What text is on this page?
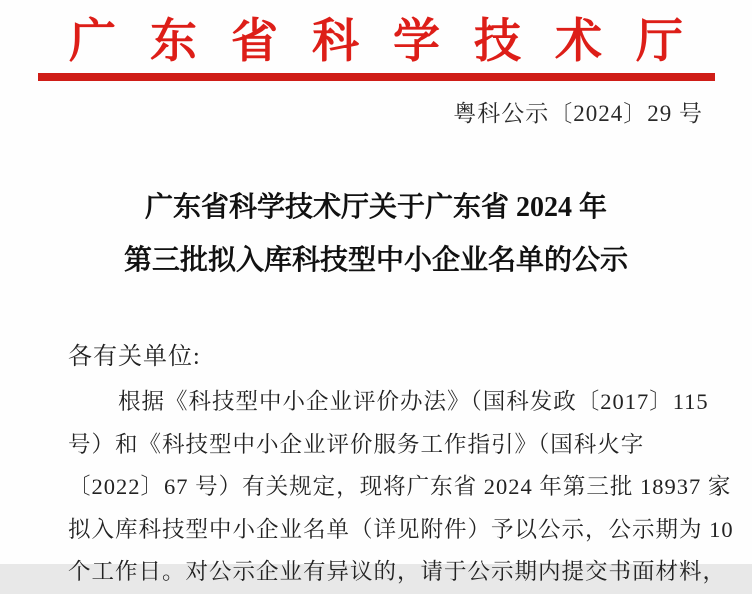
广东省科学技术厅
粤科公示〔2024〕29 号
广东省科学技术厅关于广东省 2024 年
第三批拟入库科技型中小企业名单的公示
各有关单位:
根据《科技型中小企业评价办法》（国科发政〔2017〕115
号）和《科技型中小企业评价服务工作指引》（国科火字
〔2022〕67 号）有关规定，现将广东省 2024 年第三批 18937 家
拟入库科技型中小企业名单（详见附件）予以公示，公示期为 10
个工作日。对公示企业有异议的，请于公示期内提交书面材料，
